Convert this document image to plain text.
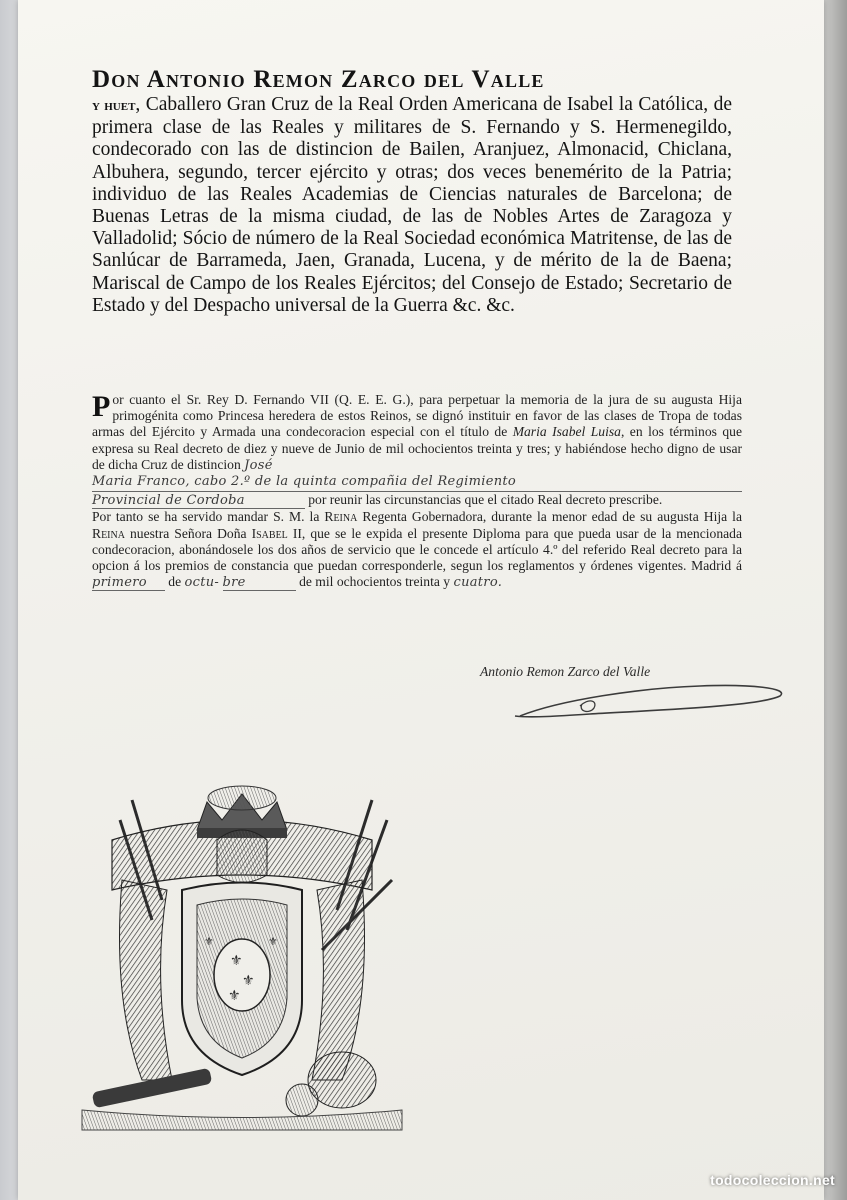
Don Antonio Remon Zarco del Valle
y huet, Caballero Gran Cruz de la Real Orden Americana de Isabel la Católica, de primera clase de las Reales y militares de S. Fernando y S. Hermenegildo, condecorado con las de distincion de Bailen, Aranjuez, Almonacid, Chiclana, Albuhera, segundo, tercer ejército y otras; dos veces benemérito de la Patria; individuo de las Reales Academias de Ciencias naturales de Barcelona; de Buenas Letras de la misma ciudad, de las de Nobles Artes de Zaragoza y Valladolid; Sócio de número de la Real Sociedad económica Matritense, de las de Sanlúcar de Barrameda, Jaen, Granada, Lucena, y de mérito de la de Baena; Mariscal de Campo de los Reales Ejércitos; del Consejo de Estado; Secretario de Estado y del Despacho universal de la Guerra &c. &c.

Por cuanto el Sr. Rey D. Fernando VII (Q. E. E. G.), para perpetuar la memoria de la jura de su augusta Hija primogénita como Princesa heredera de estos Reinos, se dignó instituir en favor de las clases de Tropa de todas armas del Ejército y Armada una condecoracion especial con el título de Maria Isabel Luisa, en los términos que expresa su Real decreto de diez y nueve de Junio de mil ochocientos treinta y tres; y habiéndose hecho digno de usar de dicha Cruz de distincion José
Maria Franco, cabo 2.º de la quinta compañia del Regimiento
Provincial de Cordoba	por reunir las circunstancias que el citado Real decreto prescribe.

Por tanto se ha servido mandar S. M. la Reina Regenta Gobernadora, durante la menor edad de su augusta Hija la Reina nuestra Señora Doña Isabel II, que se le expida el presente Diploma para que pueda usar de la mencionada condecoracion, abonándosele los dos años de servicio que le concede el artículo 4.º del referido Real decreto para la opcion á los premios de constancia que puedan corresponderle, segun los reglamentos y órdenes vigentes. Madrid á primero de octu- bre	de mil ochocientos treinta y cuatro.

Antonio Remon Zarco del Valle
⚜
⚜
⚜
⚜	⚜
todocoleccion.net
